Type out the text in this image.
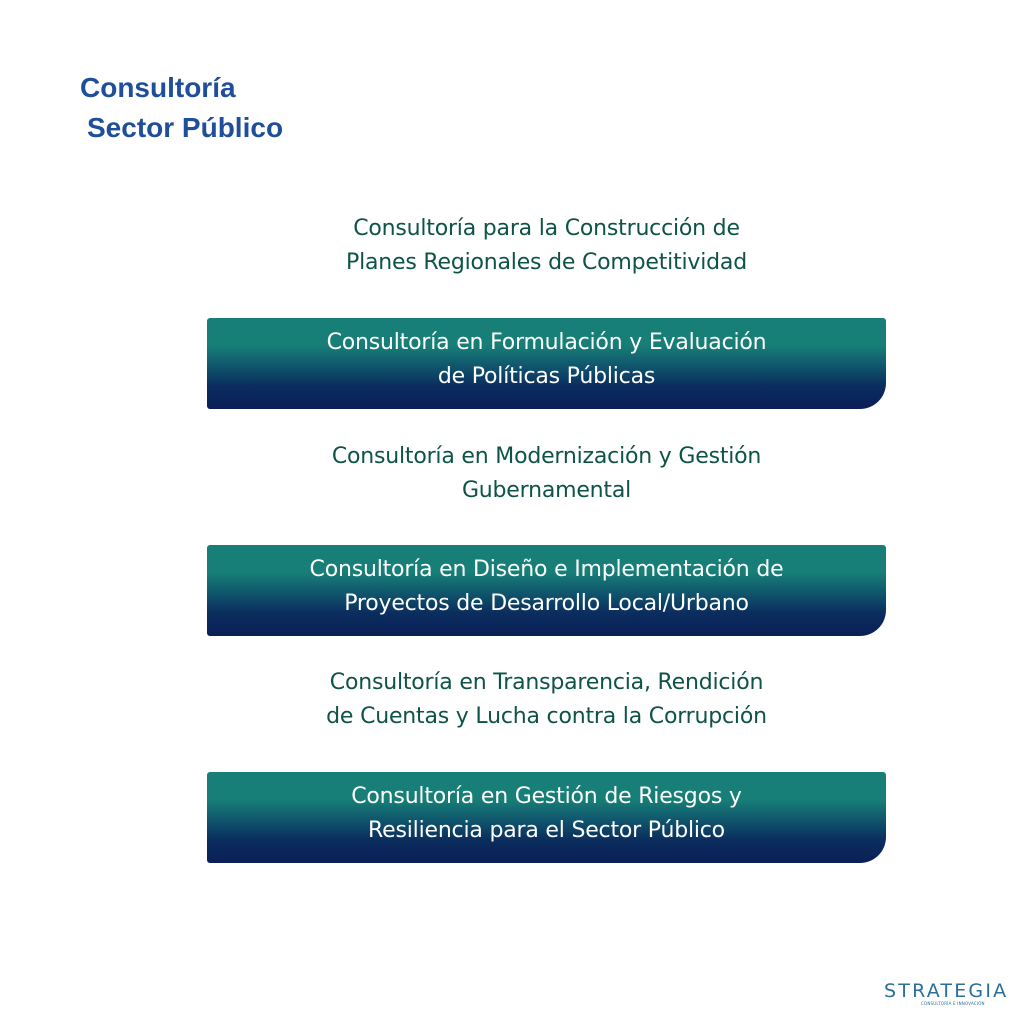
Consultoría
Sector Público
Consultoría para la Construcción de
Planes Regionales de Competitividad
Consultoría en Formulación y Evaluación
de Políticas Públicas
Consultoría en Modernización y Gestión
Gubernamental
Consultoría en Diseño e Implementación de
Proyectos de Desarrollo Local/Urbano
Consultoría en Transparencia, Rendición
de Cuentas y Lucha contra la Corrupción
Consultoría en Gestión de Riesgos y
Resiliencia para el Sector Público
STRATEGIA
CONSULTORÍA E INNOVACIÓN
